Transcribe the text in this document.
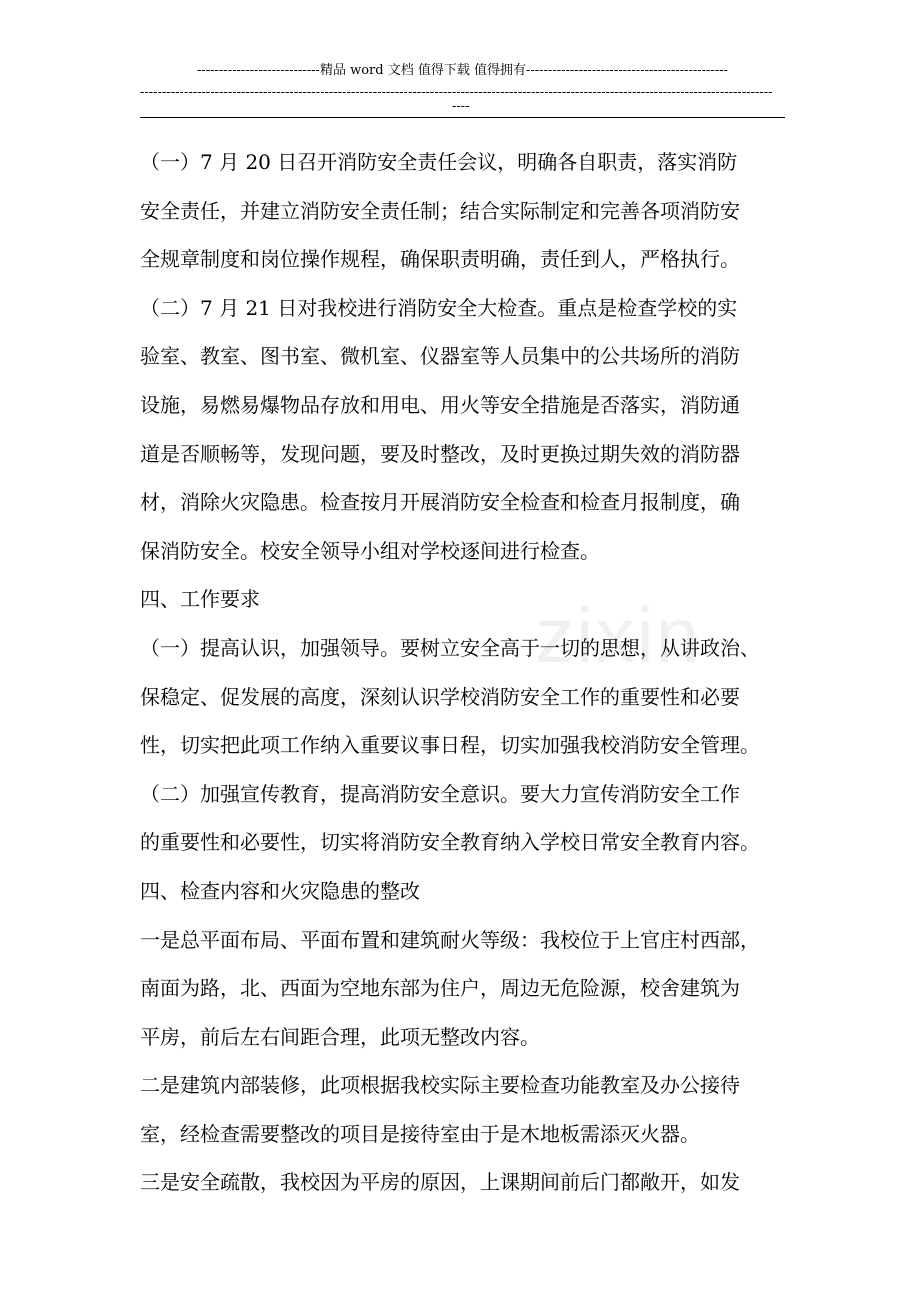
----------------------------精品 word 文档 值得下载 值得拥有----------------------------------------------
------------------------------------------------------------------------------------------------------------------------------------------------
----
zixin
（一）7 月 20 日召开消防安全责任会议，明确各自职责，落实消防
安全责任，并建立消防安全责任制；结合实际制定和完善各项消防安
全规章制度和岗位操作规程，确保职责明确，责任到人，严格执行。
（二）7 月 21 日对我校进行消防安全大检查。重点是检查学校的实
验室、教室、图书室、微机室、仪器室等人员集中的公共场所的消防
设施，易燃易爆物品存放和用电、用火等安全措施是否落实，消防通
道是否顺畅等，发现问题，要及时整改，及时更换过期失效的消防器
材，消除火灾隐患。检查按月开展消防安全检查和检查月报制度，确
保消防安全。校安全领导小组对学校逐间进行检查。
四、工作要求
（一）提高认识，加强领导。要树立安全高于一切的思想，从讲政治、
保稳定、促发展的高度，深刻认识学校消防安全工作的重要性和必要
性，切实把此项工作纳入重要议事日程，切实加强我校消防安全管理。
（二）加强宣传教育，提高消防安全意识。要大力宣传消防安全工作
的重要性和必要性，切实将消防安全教育纳入学校日常安全教育内容。
四、检查内容和火灾隐患的整改
一是总平面布局、平面布置和建筑耐火等级：我校位于上官庄村西部，
南面为路，北、西面为空地东部为住户，周边无危险源，校舍建筑为
平房，前后左右间距合理，此项无整改内容。
二是建筑内部装修，此项根据我校实际主要检查功能教室及办公接待
室，经检查需要整改的项目是接待室由于是木地板需添灭火器。
三是安全疏散，我校因为平房的原因，上课期间前后门都敞开，如发
